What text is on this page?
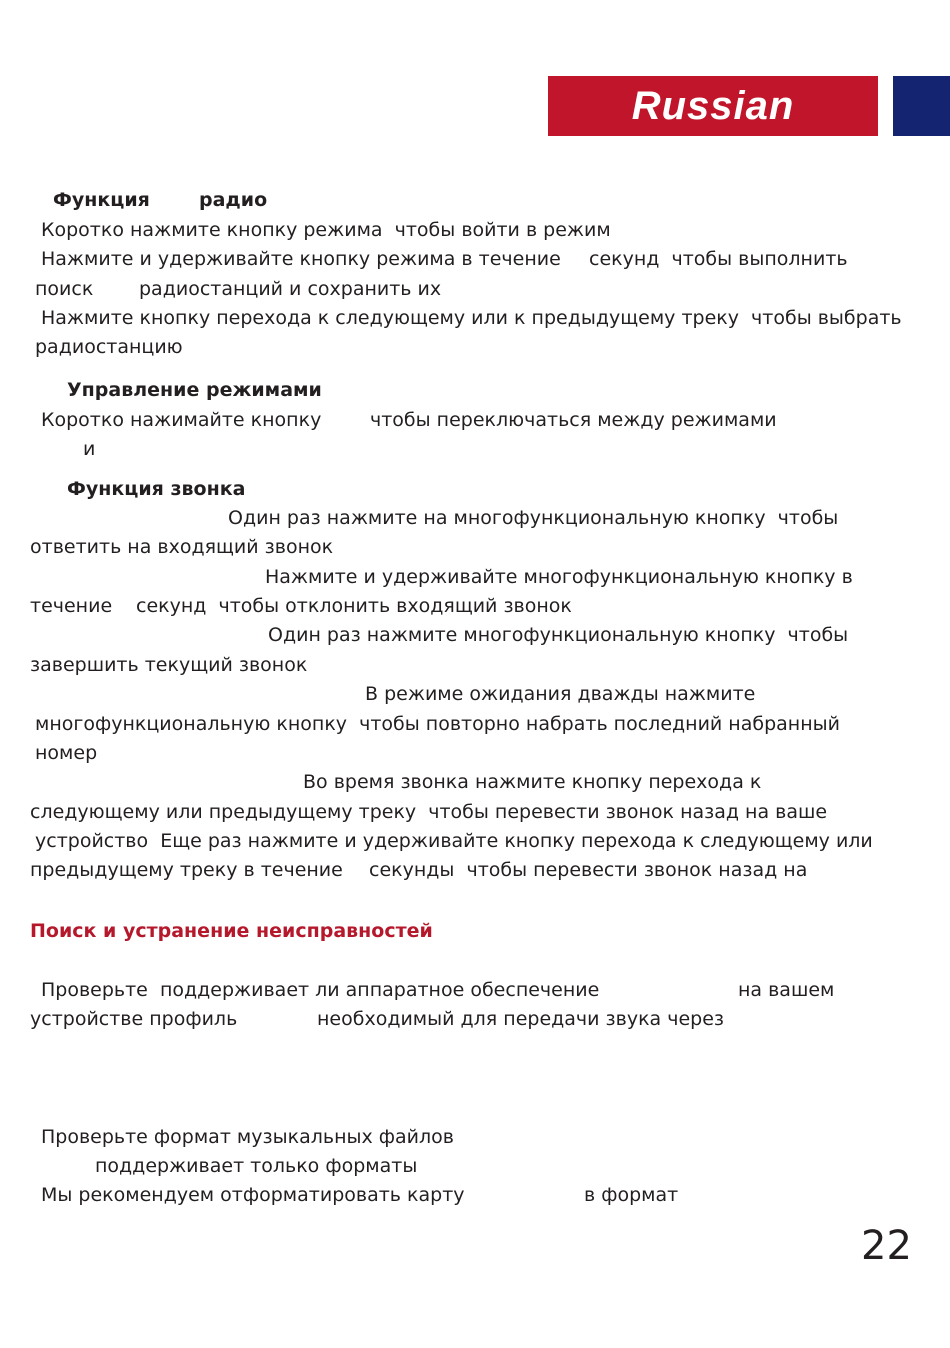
Russian
Функция	радио
Коротко нажмите кнопку режима  чтобы войти в режим
Нажмите и удерживайте кнопку режима в течение секунд  чтобы выполнить
поиск радиостанций и сохранить их
Нажмите кнопку перехода к следующему или к предыдущему треку  чтобы выбрать
радиостанцию
Управление режимами
Коротко нажимайте кнопку	чтобы переключаться между режимами
и
Функция звонка
Один раз нажмите на многофункциональную кнопку  чтобы
ответить на входящий звонок
Нажмите и удерживайте многофункциональную кнопку в
течение секунд  чтобы отклонить входящий звонок
Один раз нажмите многофункциональную кнопку  чтобы
завершить текущий звонок
В режиме ожидания дважды нажмите
многофункциональную кнопку  чтобы повторно набрать последний набранный
номер
Во время звонка нажмите кнопку перехода к
следующему или предыдущему треку  чтобы перевести звонок назад на ваше
устройство  Еще раз нажмите и удерживайте кнопку перехода к следующему или
предыдущему треку в течение секунды  чтобы перевести звонок назад на
Поиск и устранение неисправностей
Проверьте  поддерживает ли аппаратное обеспечение	на вашем
устройстве профиль	необходимый для передачи звука через
Проверьте формат музыкальных файлов
поддерживает только форматы
Мы рекомендуем отформатировать карту	в формат
22
